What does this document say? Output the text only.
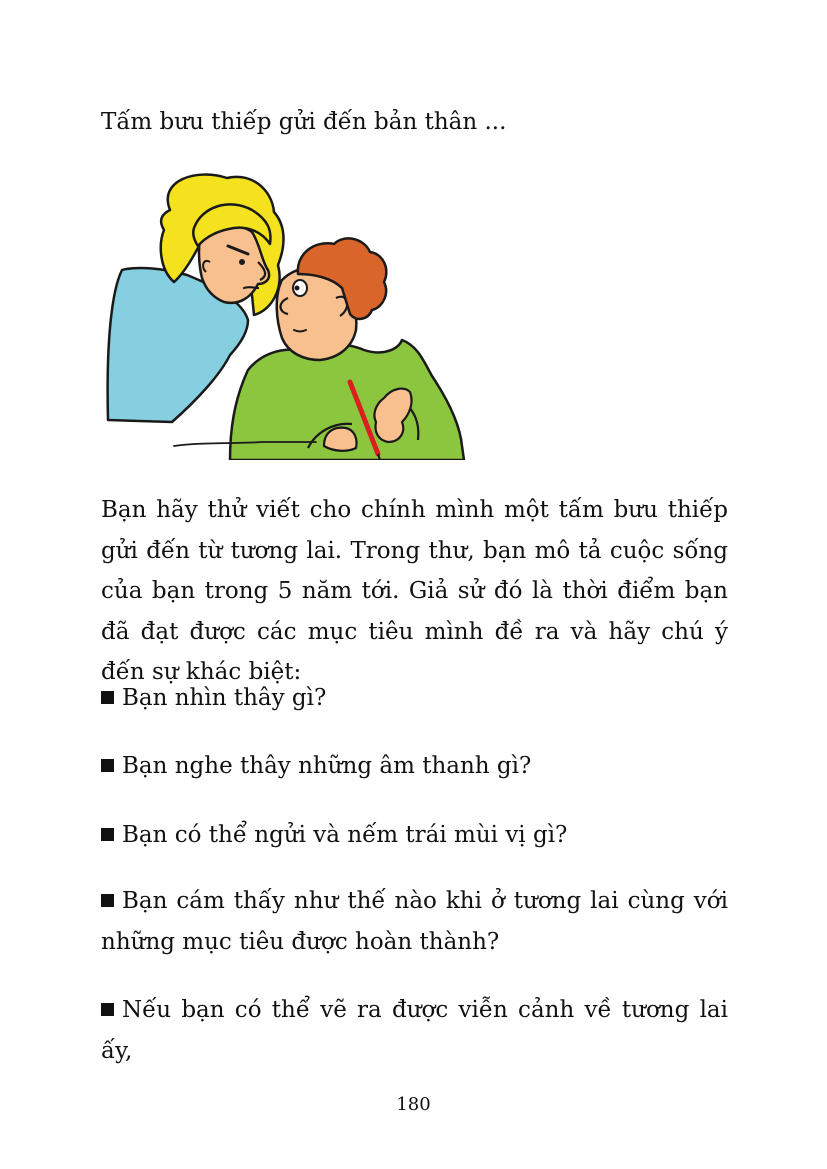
Tấm bưu thiếp gửi đến bản thân ...
Bạn hãy thử viết cho chính mình một tấm bưu thiếp gửi đến từ tương lai. Trong thư, bạn mô tả cuộc sống của bạn trong 5 năm tới. Giả sử đó là thời điểm bạn đã đạt được các mục tiêu mình đề ra và hãy chú ý đến sự khác biệt:
Bạn nhìn thây gì?
Bạn nghe thây những âm thanh gì?
Bạn có thể ngửi và nếm trái mùi vị gì?
Bạn cám thấy như thế nào khi ở tương lai cùng với những mục tiêu được hoàn thành?
Nếu bạn có thể vẽ ra được viễn cảnh về tương lai ấy,
180
